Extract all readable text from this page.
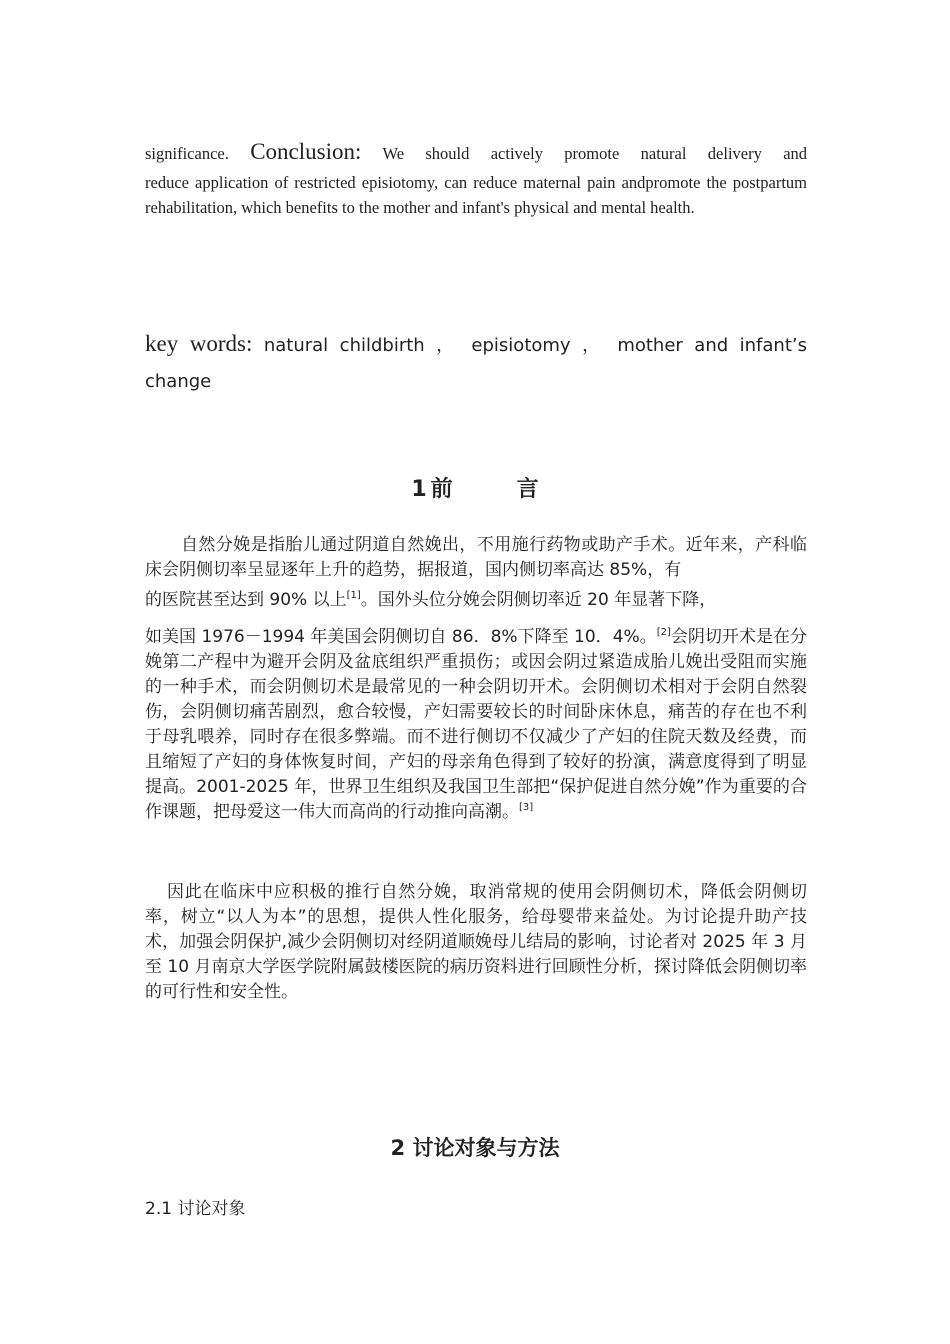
significance. Conclusion: We should actively promote natural delivery and

reduce application of restricted episiotomy, can reduce maternal pain andpromote the postpartum rehabilitation, which benefits to the mother and infant's physical and mental health.

key words: natural childbirth ， episiotomy ， mother and infant’s
change
1前	言

自然分娩是指胎儿通过阴道自然娩出，不用施行药物或助产手术。近年来，产科临床会阴侧切率呈显逐年上升的趋势，据报道，国内侧切率高达 85%，有

的医院甚至达到 90% 以上[1]。国外头位分娩会阴侧切率近 20 年显著下降，

如美国 1976－1994 年美国会阴侧切自 86．8%下降至 10．4%。[2]会阴切开术是在分娩第二产程中为避开会阴及盆底组织严重损伤；或因会阴过紧造成胎儿娩出受阻而实施的一种手术，而会阴侧切术是最常见的一种会阴切开术。会阴侧切术相对于会阴自然裂伤，会阴侧切痛苦剧烈，愈合较慢，产妇需要较长的时间卧床休息，痛苦的存在也不利于母乳喂养，同时存在很多弊端。而不进行侧切不仅减少了产妇的住院天数及经费，而且缩短了产妇的身体恢复时间，产妇的母亲角色得到了较好的扮演，满意度得到了明显提高。2001-2025 年，世界卫生组织及我国卫生部把“保护促进自然分娩”作为重要的合作课题，把母爱这一伟大而高尚的行动推向高潮。[3]

因此在临床中应积极的推行自然分娩，取消常规的使用会阴侧切术，降低会阴侧切率，树立“以人为本”的思想，提供人性化服务，给母婴带来益处。为讨论提升助产技术，加强会阴保护,减少会阴侧切对经阴道顺娩母儿结局的影响，讨论者对 2025 年 3 月至 10 月南京大学医学院附属鼓楼医院的病历资料进行回顾性分析，探讨降低会阴侧切率的可行性和安全性。

2 讨论对象与方法
2.1 讨论对象
